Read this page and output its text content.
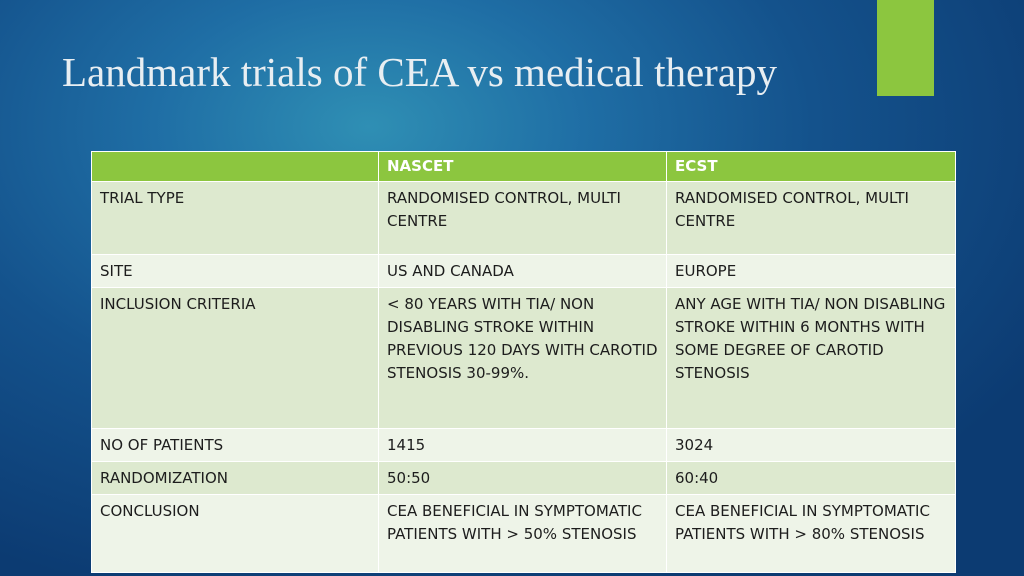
Landmark trials of CEA vs medical therapy
	NASCET	ECST
TRIAL TYPE	RANDOMISED CONTROL, MULTI CENTRE	RANDOMISED CONTROL, MULTI CENTRE
SITE	US AND CANADA	EUROPE
INCLUSION CRITERIA	< 80 YEARS WITH TIA/ NON DISABLING STROKE WITHIN PREVIOUS 120 DAYS WITH CAROTID STENOSIS 30-99%.	ANY AGE WITH TIA/ NON DISABLING STROKE WITHIN 6 MONTHS WITH SOME DEGREE OF CAROTID STENOSIS
NO OF PATIENTS	1415	3024
RANDOMIZATION	50:50	60:40
CONCLUSION	CEA BENEFICIAL IN SYMPTOMATIC PATIENTS WITH > 50% STENOSIS	CEA BENEFICIAL IN SYMPTOMATIC PATIENTS WITH > 80% STENOSIS
